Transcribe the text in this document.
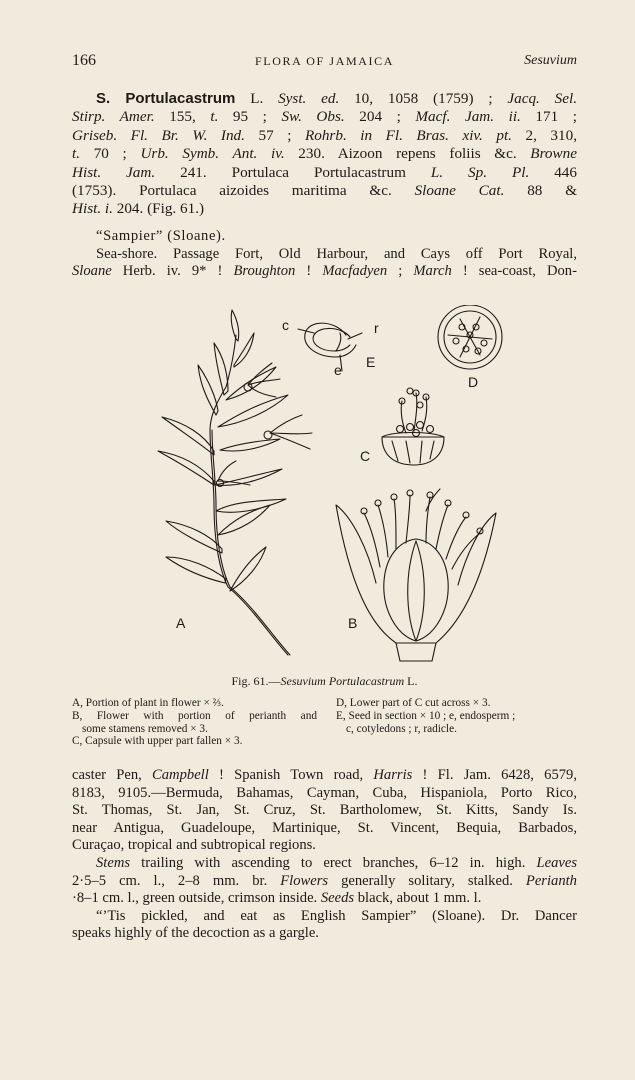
166	FLORA OF JAMAICA	Sesuvium
S. Portulacastrum L. Syst. ed. 10, 1058 (1759) ; Jacq. Sel.
Stirp. Amer. 155, t. 95 ; Sw. Obs. 204 ; Macf. Jam. ii. 171 ;
Griseb. Fl. Br. W. Ind. 57 ; Rohrb. in Fl. Bras. xiv. pt. 2, 310,
t. 70 ; Urb. Symb. Ant. iv. 230. Aizoon repens foliis &c. Browne
Hist. Jam. 241. Portulaca Portulacastrum L. Sp. Pl. 446
(1753). Portulaca aizoides maritima &c. Sloane Cat. 88 &
Hist. i. 204. (Fig. 61.)
“Sampier” (Sloane).
Sea-shore. Passage Fort, Old Harbour, and Cays off Port Royal,
Sloane Herb. iv. 9* ! Broughton ! Macfadyen ; March ! sea-coast, Don-
c	r
e E
D
C
A	B
Fig. 61.—Sesuvium Portulacastrum L.
A, Portion of plant in flower × ⅔.
B, Flower with portion of perianth and
some stamens removed × 3.
C, Capsule with upper part fallen × 3.
D, Lower part of C cut across × 3.
E, Seed in section × 10 ; e, endosperm ;
c, cotyledons ; r, radicle.
caster Pen, Campbell ! Spanish Town road, Harris ! Fl. Jam. 6428, 6579,
8183, 9105.—Bermuda, Bahamas, Cayman, Cuba, Hispaniola, Porto Rico,
St. Thomas, St. Jan, St. Cruz, St. Bartholomew, St. Kitts, Sandy Is.
near Antigua, Guadeloupe, Martinique, St. Vincent, Bequia, Barbados,
Curaçao, tropical and subtropical regions.
Stems trailing with ascending to erect branches, 6–12 in. high. Leaves
2·5–5 cm. l., 2–8 mm. br. Flowers generally solitary, stalked. Perianth
·8–1 cm. l., green outside, crimson inside. Seeds black, about 1 mm. l.
“’Tis pickled, and eat as English Sampier” (Sloane). Dr. Dancer
speaks highly of the decoction as a gargle.
